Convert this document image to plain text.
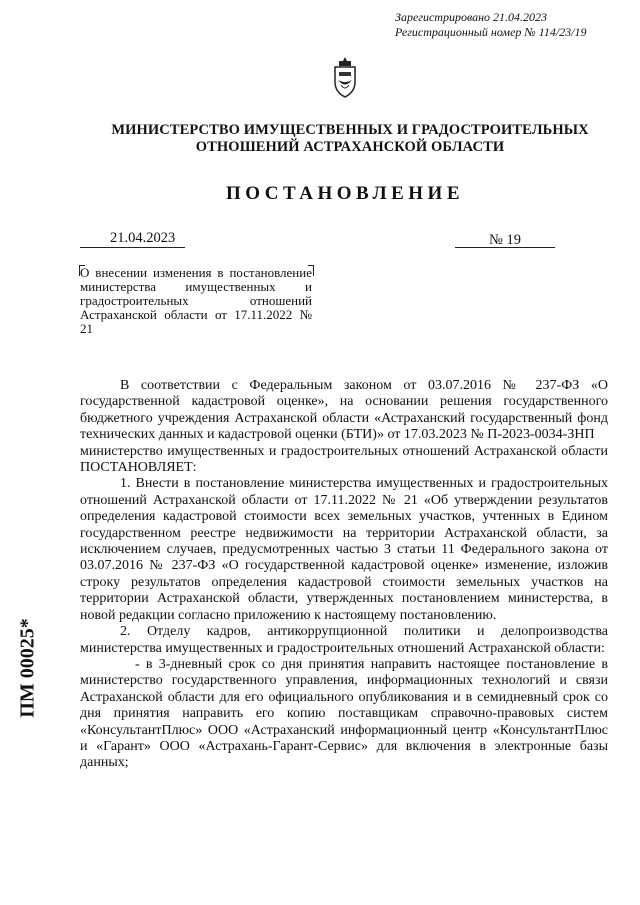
Зарегистрировано 21.04.2023
Регистрационный номер № 114/23/19
МИНИСТЕРСТВО ИМУЩЕСТВЕННЫХ И ГРАДОСТРОИТЕЛЬНЫХ
ОТНОШЕНИЙ АСТРАХАНСКОЙ ОБЛАСТИ
ПОСТАНОВЛЕНИЕ
21.04.2023	№ 19
О внесении изменения в постановление министерства имущественных и градостроительных отношений Астраханской области от 17.11.2022 № 21

В соответствии с Федеральным законом от 03.07.2016 № 237-ФЗ «О государственной кадастровой оценке», на основании решения государственного бюджетного учреждения Астраханской области «Астраханский государственный фонд технических данных и кадастровой оценки (БТИ)» от 17.03.2023 № П-2023-0034-ЗНП

министерство имущественных и градостроительных отношений Астраханской области ПОСТАНОВЛЯЕТ:

1. Внести в постановление министерства имущественных и градостроительных отношений Астраханской области от 17.11.2022 № 21 «Об утверждении результатов определения кадастровой стоимости всех земельных участков, учтенных в Едином государственном реестре недвижимости на территории Астраханской области, за исключением случаев, предусмотренных частью 3 статьи 11 Федерального закона от 03.07.2016 № 237-ФЗ «О государственной кадастровой оценке» изменение, изложив строку результатов определения кадастровой стоимости земельных участков на территории Астраханской области, утвержденных постановлением министерства, в новой редакции согласно приложению к настоящему постановлению.

2. Отделу кадров, антикоррупционной политики и делопроизводства министерства имущественных и градостроительных отношений Астраханской области:

- в 3-дневный срок со дня принятия направить настоящее постановление в министерство государственного управления, информационных технологий и связи Астраханской области для его официального опубликования и в семидневный срок со дня принятия направить его копию поставщикам справочно-правовых систем «КонсультантПлюс» ООО «Астраханский информационный центр «КонсультантПлюс и «Гарант» ООО «Астрахань-Гарант-Сервис» для включения в электронные базы данных;

ПМ 00025*
